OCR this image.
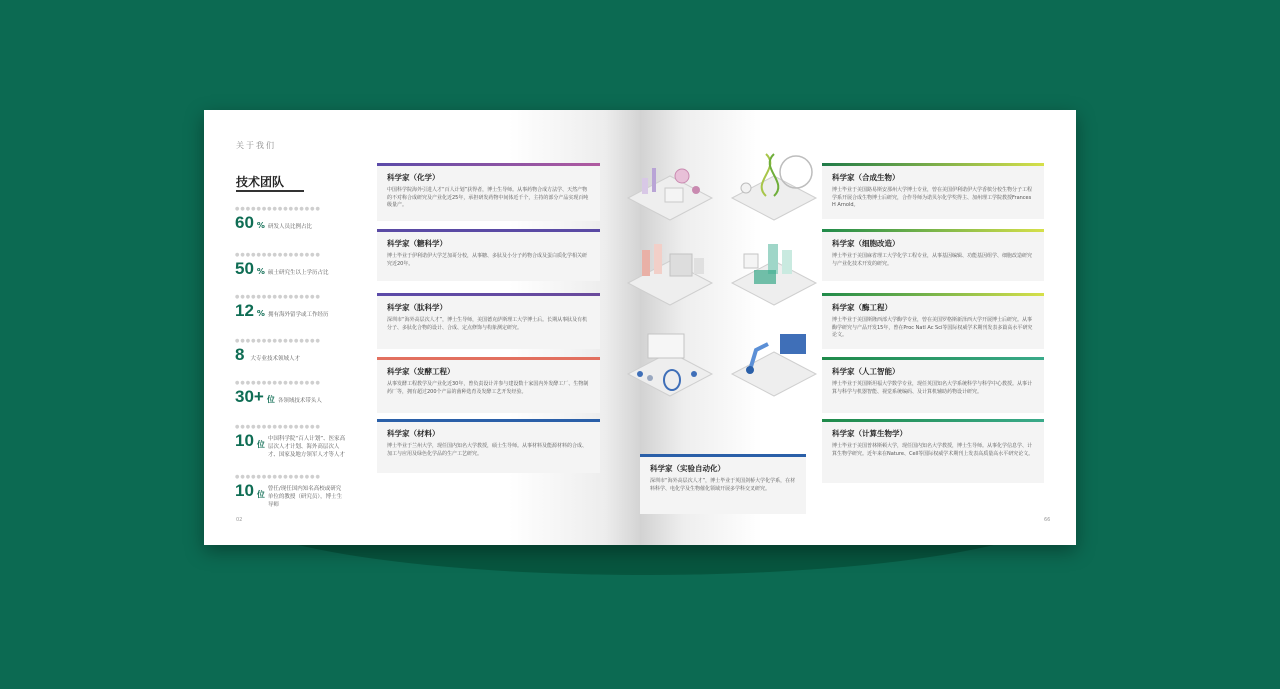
关于我们
技术团队
●●●●●●●●●●●●●●●●
60 % 研发人员比例占比
●●●●●●●●●●●●●●●●
50 % 硕士研究生以上学历占比
●●●●●●●●●●●●●●●●
12 % 拥有海外留学或工作经历
●●●●●●●●●●●●●●●●
8 大专业技术领域人才
●●●●●●●●●●●●●●●●
30+ 位 各领域技术带头人
●●●●●●●●●●●●●●●●
10 位
中国科学院“百人计划”、医家高层次人才计划、海外高层次人才、国家及地方领军人才等人才
●●●●●●●●●●●●●●●●
10 位
曾任/现任国内知名高校或研究单位的教授（研究员），博士生导师
科学家（化学）
中国科学院海外引进人才“百人计划”获得者，博士生导师。从事药物合成方法学、天然产物的不对称合成研究及产业化近25年，承担研发药物中间体近千个，主持的部分产品实现百吨级量产。
科学家（糖科学）
博士毕业于伊利诺伊大学芝加哥分校，从事糖、多肽及小分子药物合成及蛋白质化学相关研究近20年。
科学家（肽科学）
深圳市“海外高层次人才”，博士生导师，美国德克萨斯理工大学博士后。长期从事肽及有机分子、多肽化合物的设计、合成、定点修饰与构象测定研究。
科学家（发酵工程）
从事发酵工程教学及产业化近30年，曾负责设计并参与建设数十家国内外发酵工厂、生物制药厂等，拥有超过200个产品的菌种选育及发酵工艺开发经验。
科学家（材料）
博士毕业于兰州大学，现任国内知名大学教授，硕士生导师。从事材料及能源材料的合成、加工与应用及绿色化学品的生产工艺研究。
02
科学家（实验自动化）
深圳市“海外高层次人才”，博士毕业于英国剑桥大学化学系，在材料科学、电化学及生物催化领域开展多学科交叉研究。
科学家（合成生物）
博士毕业于美国路易斯安那州大学博士专业，曾在美国伊利诺伊大学香槟分校生物分子工程学系开展合成生物博士后研究，合作导师为诺贝尔化学奖得主、加州理工学院教授Frances H Arnold。
科学家（细胞改造）
博士毕业于美国麻省理工大学化学工程专业，从事基因编辑、功能基因组学、细胞改造研究与产业化技术开发的研究。
科学家（酶工程）
博士毕业于美国斯隆西部大学酶学专业，曾在美国罗格斯新泽西大学开展博士后研究。从事酶学研究与产品开发15年，曾在Proc Natl Ac Sci等国际权威学术期刊发表多篇高水平研究论文。
科学家（人工智能）
博士毕业于英国斯坦福大学数学专业，现任英国知名大学系统科学与科学中心教授。从事计算与科学与机器智能、视觉系统编码、及计算机辅助药物设计研究。
科学家（计算生物学）
博士毕业于美国普林斯顿大学，现任国内知名大学教授，博士生导师。从事化学信息学、计算生物学研究。近年来在Nature、Cell等国际权威学术期刊上发表高质量高水平研究论文。
66
